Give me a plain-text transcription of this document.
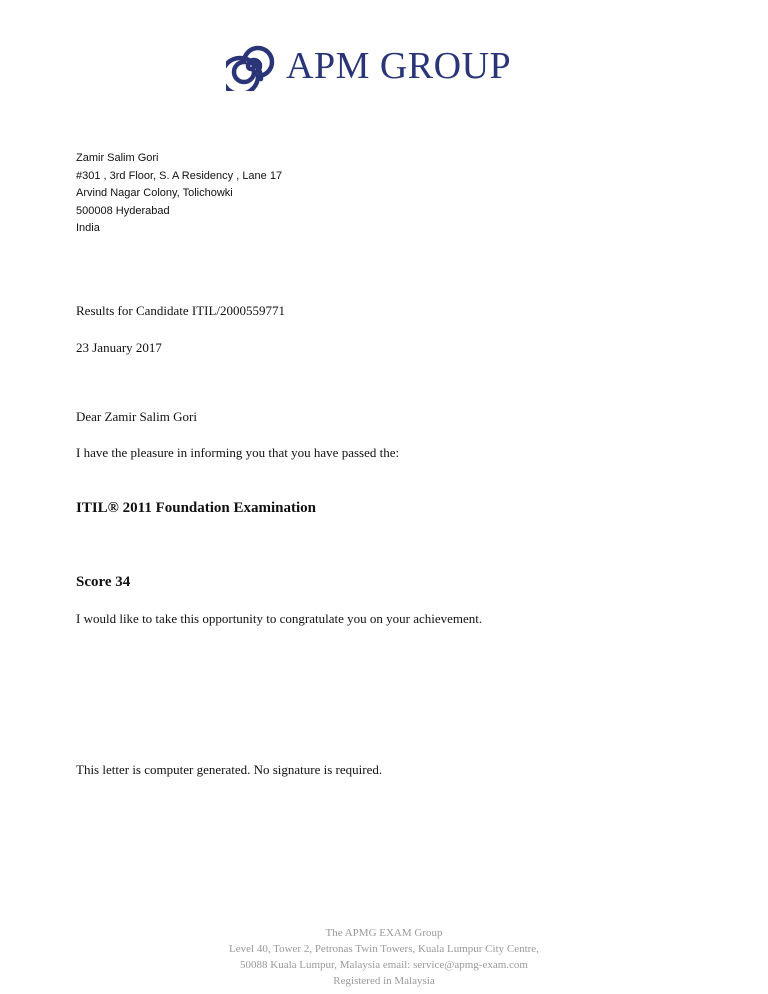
APM GROUP
Zamir Salim Gori
#301 , 3rd Floor, S. A Residency , Lane 17
Arvind Nagar Colony, Tolichowki
500008 Hyderabad
India
Results for Candidate ITIL/2000559771
23 January 2017
Dear Zamir Salim Gori
I have the pleasure in informing you that you have passed the:
ITIL® 2011 Foundation Examination
Score 34
I would like to take this opportunity to congratulate you on your achievement.
This letter is computer generated. No signature is required.
The APMG EXAM Group
Level 40, Tower 2, Petronas Twin Towers, Kuala Lumpur City Centre,
50088 Kuala Lumpur, Malaysia email: service@apmg-exam.com
Registered in Malaysia
